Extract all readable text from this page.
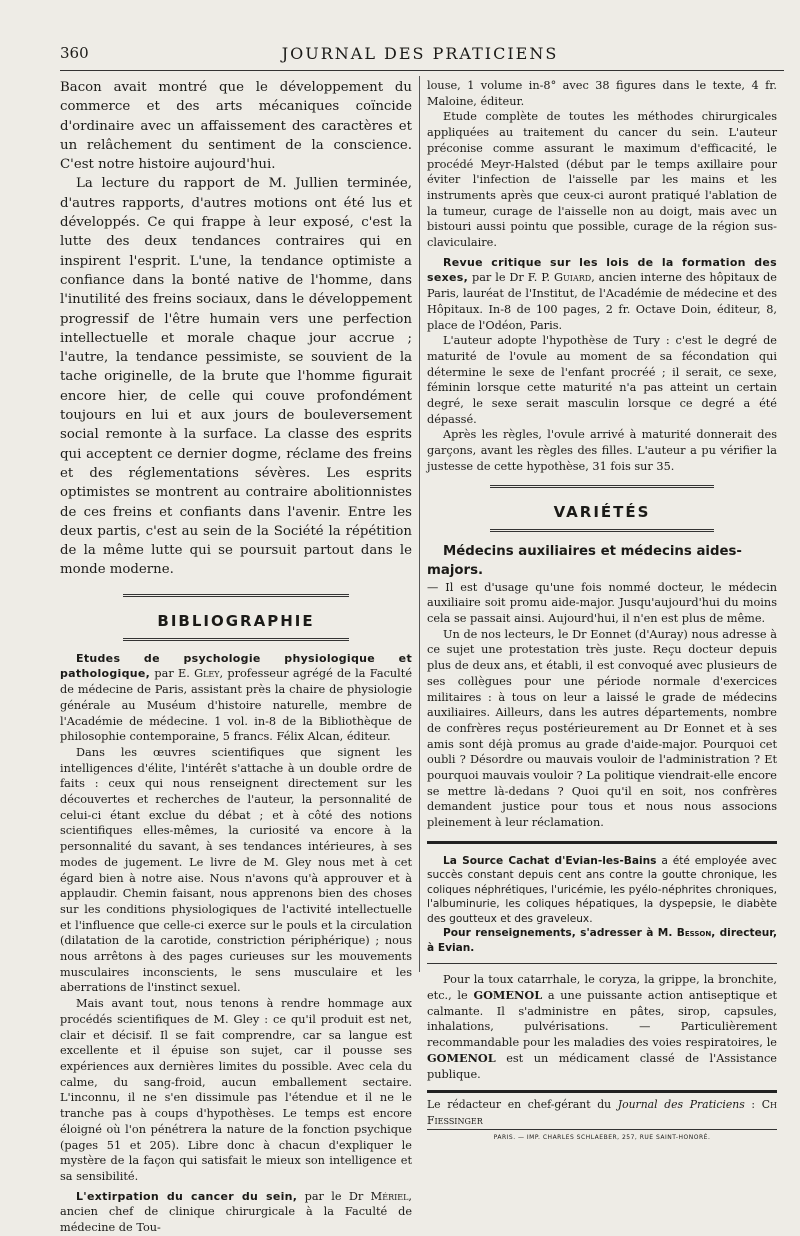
360	JOURNAL DES PRATICIENS

Bacon avait montré que le développement du commerce et des arts mécaniques coïncide d'ordinaire avec un affaissement des caractères et un relâchement du sentiment de la conscience. C'est notre histoire aujourd'hui.

La lecture du rapport de M. Jullien terminée, d'autres rapports, d'autres motions ont été lus et développés. Ce qui frappe à leur exposé, c'est la lutte des deux tendances contraires qui en inspirent l'esprit. L'une, la tendance optimiste a confiance dans la bonté native de l'homme, dans l'inutilité des freins sociaux, dans le développement progressif de l'être humain vers une perfection intellectuelle et morale chaque jour accrue ; l'autre, la tendance pessimiste, se souvient de la tache originelle, de la brute que l'homme figurait encore hier, de celle qui couve profondément toujours en lui et aux jours de bouleversement social remonte à la surface. La classe des esprits qui acceptent ce dernier dogme, réclame des freins et des réglementations sévères. Les esprits optimistes se montrent au contraire abolitionnistes de ces freins et confiants dans l'avenir. Entre les deux partis, c'est au sein de la Société la répétition de la même lutte qui se poursuit partout dans le monde moderne.

BIBLIOGRAPHIE

Etudes de psychologie physiologique et pathologique, par E. Gley, professeur agrégé de la Faculté de médecine de Paris, assistant près la chaire de physiologie générale au Muséum d'histoire naturelle, membre de l'Académie de médecine. 1 vol. in-8 de la Bibliothèque de philosophie contemporaine, 5 francs. Félix Alcan, éditeur.

Dans les œuvres scientifiques que signent les intelligences d'élite, l'intérêt s'attache à un double ordre de faits : ceux qui nous renseignent directement sur les découvertes et recherches de l'auteur, la personnalité de celui-ci étant exclue du débat ; et à côté des notions scientifiques elles-mêmes, la curiosité va encore à la personnalité du savant, à ses tendances intérieures, à ses modes de jugement. Le livre de M. Gley nous met à cet égard bien à notre aise. Nous n'avons qu'à approuver et à applaudir. Chemin faisant, nous apprenons bien des choses sur les conditions physiologiques de l'activité intellectuelle et l'influence que celle-ci exerce sur le pouls et la circulation (dilatation de la carotide, constriction périphérique) ; nous nous arrêtons à des pages curieuses sur les mouvements musculaires inconscients, le sens musculaire et les aberrations de l'instinct sexuel.

Mais avant tout, nous tenons à rendre hommage aux procédés scientifiques de M. Gley : ce qu'il produit est net, clair et décisif. Il se fait comprendre, car sa langue est excellente et il épuise son sujet, car il pousse ses expériences aux dernières limites du possible. Avec cela du calme, du sang-froid, aucun emballement sectaire. L'inconnu, il ne s'en dissimule pas l'étendue et il ne le tranche pas à coups d'hypothèses. Le temps est encore éloigné où l'on pénétrera la nature de la fonction psychique (pages 51 et 205). Libre donc à chacun d'expliquer le mystère de la façon qui satisfait le mieux son intelligence et sa sensibilité.

L'extirpation du cancer du sein, par le Dr Mériel, ancien chef de clinique chirurgicale à la Faculté de médecine de Tou-

louse, 1 volume in-8° avec 38 figures dans le texte, 4 fr. Maloine, éditeur.

Etude complète de toutes les méthodes chirurgicales appliquées au traitement du cancer du sein. L'auteur préconise comme assurant le maximum d'efficacité, le procédé Meyr-Halsted (début par le temps axillaire pour éviter l'infection de l'aisselle par les mains et les instruments après que ceux-ci auront pratiqué l'ablation de la tumeur, curage de l'aisselle non au doigt, mais avec un bistouri aussi pointu que possible, curage de la région sus-claviculaire.

Revue critique sur les lois de la formation des sexes, par le Dr F. P. Guiard, ancien interne des hôpitaux de Paris, lauréat de l'Institut, de l'Académie de médecine et des Hôpitaux. In-8 de 100 pages, 2 fr. Octave Doin, éditeur, 8, place de l'Odéon, Paris.

L'auteur adopte l'hypothèse de Tury : c'est le degré de maturité de l'ovule au moment de sa fécondation qui détermine le sexe de l'enfant procréé ; il serait, ce sexe, féminin lorsque cette maturité n'a pas atteint un certain degré, le sexe serait masculin lorsque ce degré a été dépassé.

Après les règles, l'ovule arrivé à maturité donnerait des garçons, avant les règles des filles. L'auteur a pu vérifier la justesse de cette hypothèse, 31 fois sur 35.

VARIÉTÉS

Médecins auxiliaires et médecins aides-majors.

— Il est d'usage qu'une fois nommé docteur, le médecin auxiliaire soit promu aide-major. Jusqu'aujourd'hui du moins cela se passait ainsi. Aujourd'hui, il n'en est plus de même.

Un de nos lecteurs, le Dr Eonnet (d'Auray) nous adresse à ce sujet une protestation très juste. Reçu docteur depuis plus de deux ans, et établi, il est convoqué avec plusieurs de ses collègues pour une période normale d'exercices militaires : à tous on leur a laissé le grade de médecins auxiliaires. Ailleurs, dans les autres départements, nombre de confrères reçus postérieurement au Dr Eonnet et à ses amis sont déjà promus au grade d'aide-major. Pourquoi cet oubli ? Désordre ou mauvais vouloir de l'administration ? Et pourquoi mauvais vouloir ? La politique viendrait-elle encore se mettre là-dedans ? Quoi qu'il en soit, nos confrères demandent justice pour tous et nous nous associons pleinement à leur réclamation.

La Source Cachat d'Evian-les-Bains a été employée avec succès constant depuis cent ans contre la goutte chronique, les coliques néphrétiques, l'uricémie, les pyélo-néphrites chroniques, l'albuminurie, les coliques hépatiques, la dyspepsie, le diabète des goutteux et des graveleux.

Pour renseignements, s'adresser à M. Besson, directeur, à Evian.

Pour la toux catarrhale, le coryza, la grippe, la bronchite, etc., le GOMENOL a une puissante action antiseptique et calmante. Il s'administre en pâtes, sirop, capsules, inhalations, pulvérisations. — Particulièrement recommandable pour les maladies des voies respiratoires, le GOMENOL est un médicament classé de l'Assistance publique.

Le rédacteur en chef-gérant du Journal des Praticiens : Ch Fiessinger

PARIS. — IMP. CHARLES SCHLAEBER, 257, RUE SAINT-HONORÉ.
